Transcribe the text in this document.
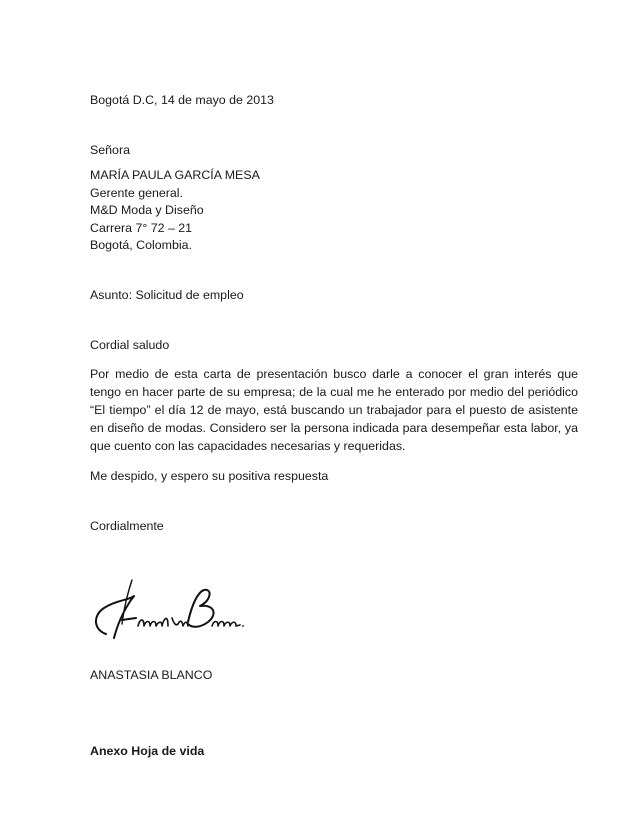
Bogotá D.C, 14 de mayo de 2013
Señora
MARÍA PAULA GARCÍA MESA
Gerente general.
M&D Moda y Diseño
Carrera 7° 72 – 21
Bogotá, Colombia.
Asunto: Solicitud de empleo
Cordial saludo
Por medio de esta carta de presentación busco darle a conocer el gran interés que tengo en hacer parte de su empresa; de la cual me he enterado por medio del periódico “El tiempo” el día 12 de mayo, está buscando un trabajador para el puesto de asistente en diseño de modas. Considero ser la persona indicada para desempeñar esta labor, ya que cuento con las capacidades necesarias y requeridas.
Me despido, y espero su positiva respuesta
Cordialmente
ANASTASIA BLANCO
Anexo Hoja de vida
